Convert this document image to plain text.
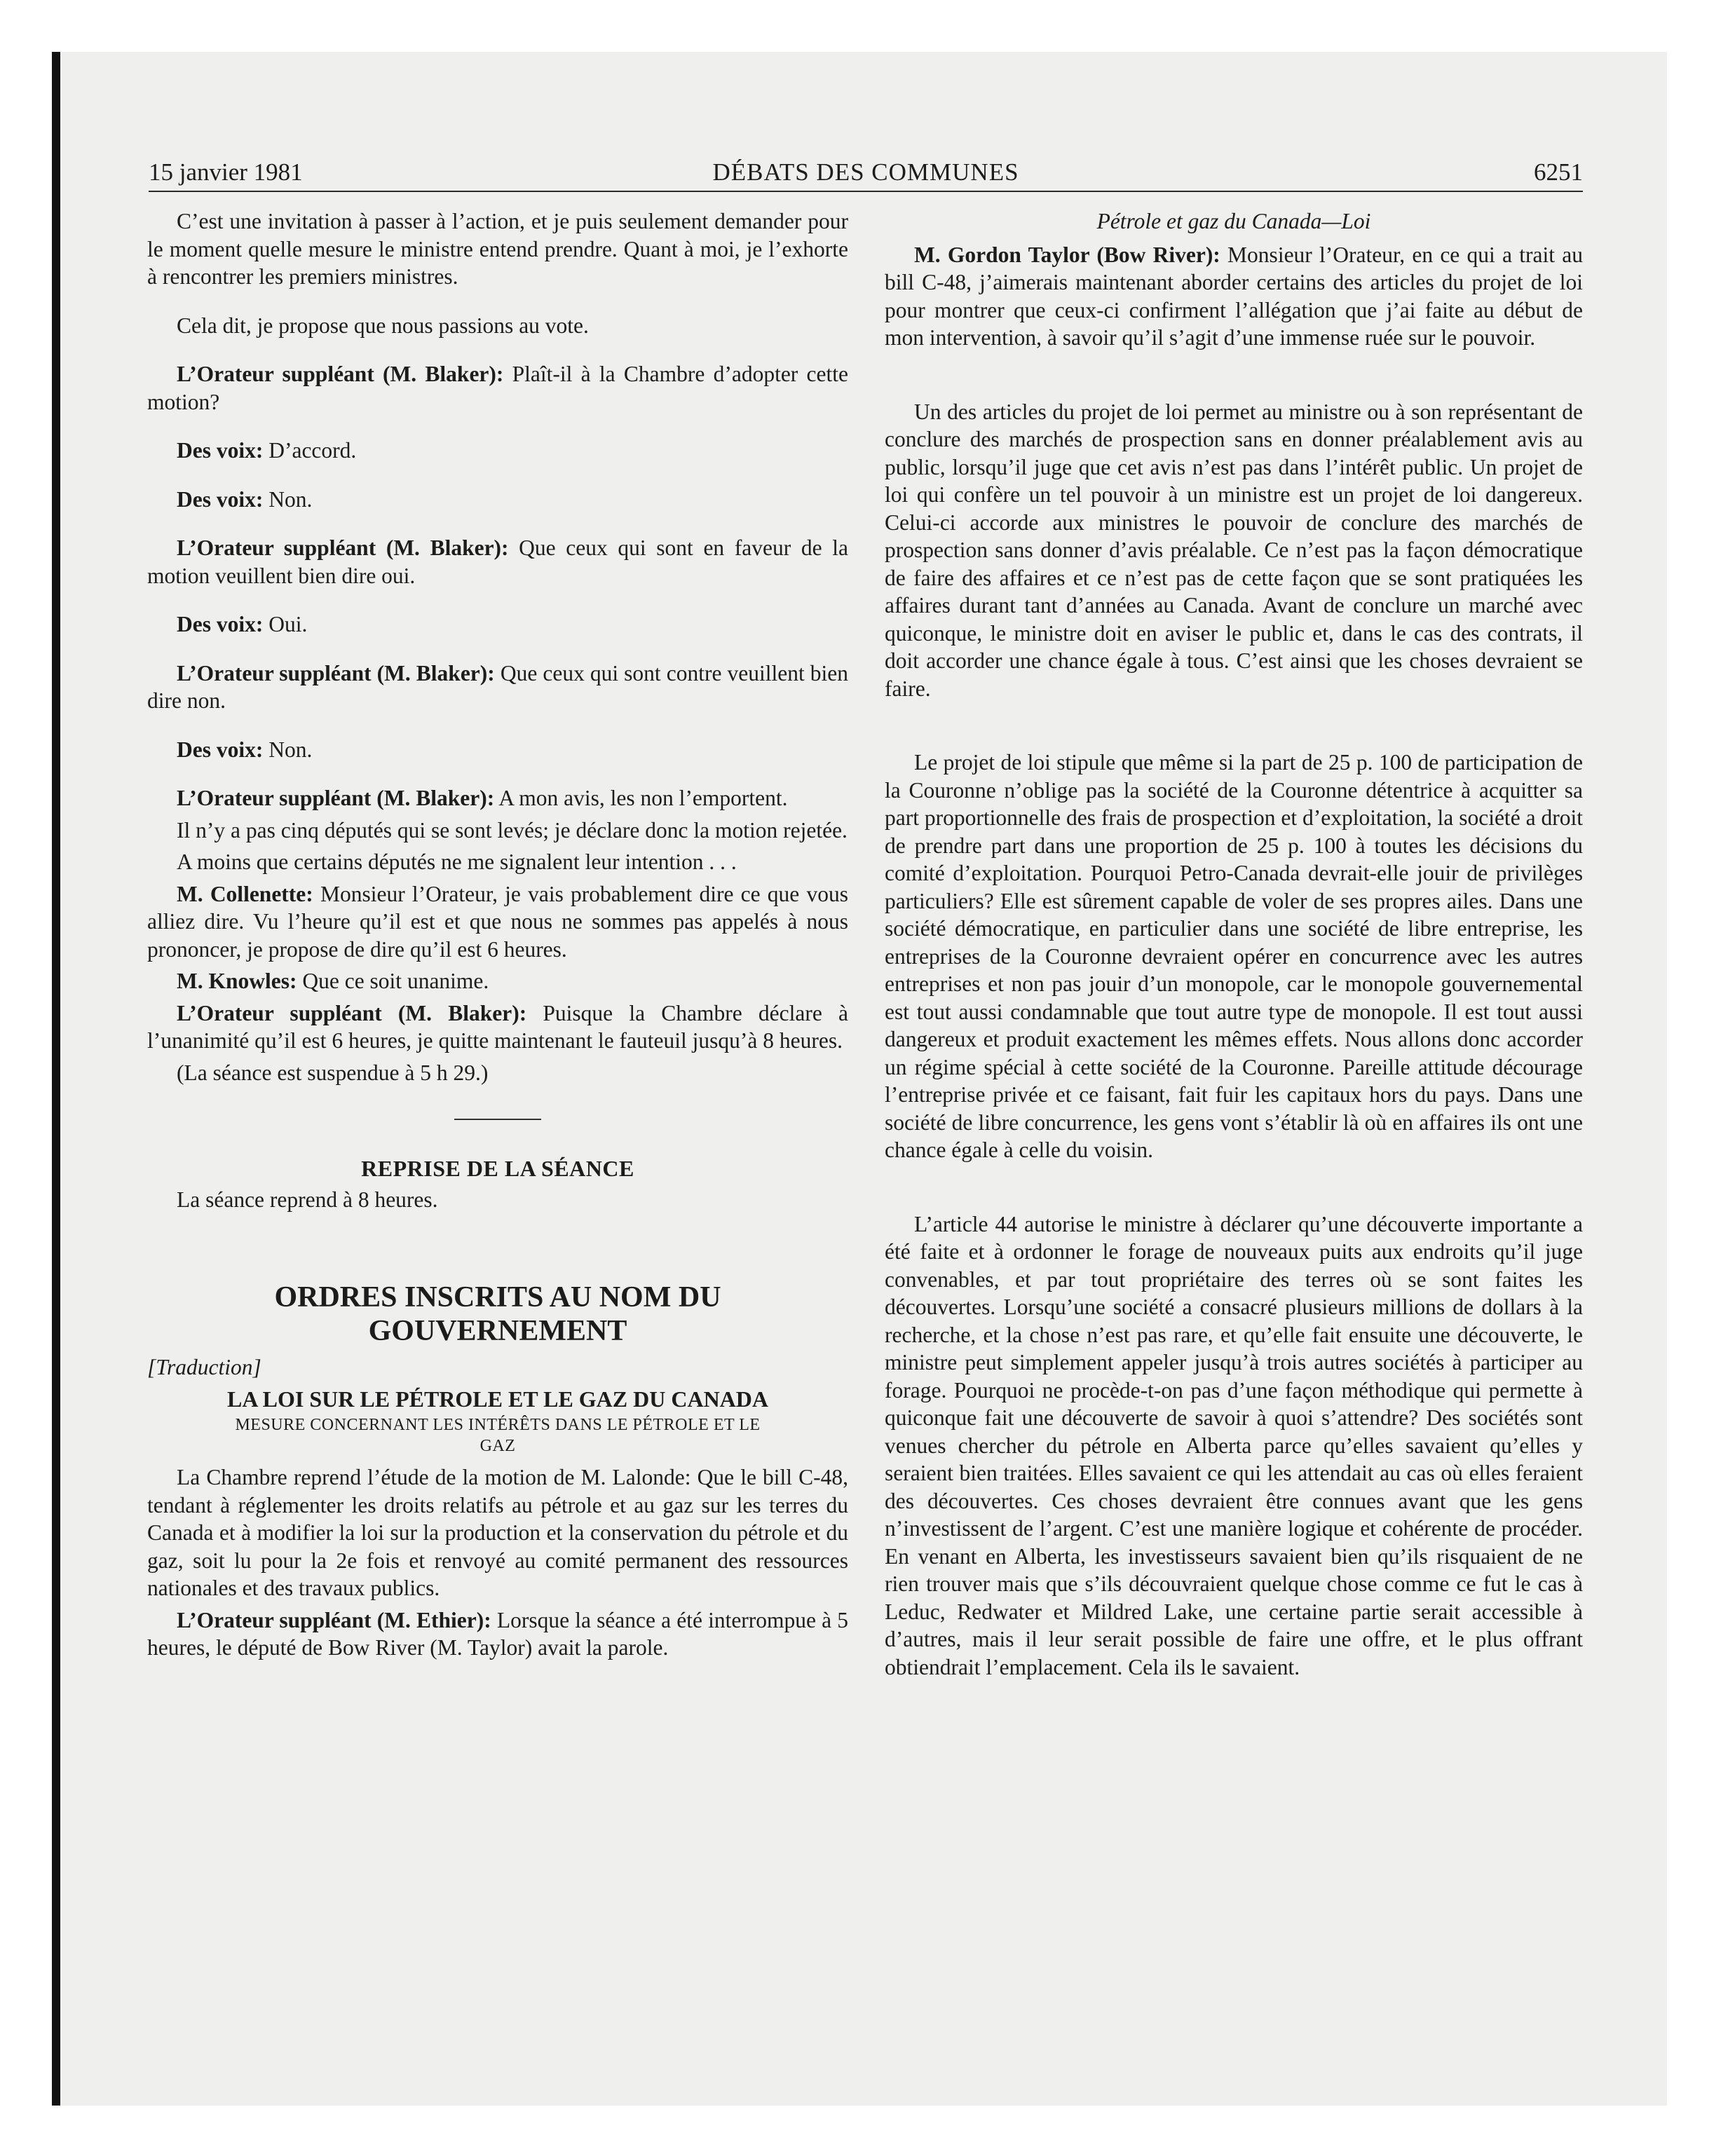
15 janvier 1981	DÉBATS DES COMMUNES	6251

C’est une invitation à passer à l’action, et je puis seulement demander pour le moment quelle mesure le ministre entend prendre. Quant à moi, je l’exhorte à rencontrer les premiers ministres.

Cela dit, je propose que nous passions au vote.

L’Orateur suppléant (M. Blaker): Plaît-il à la Chambre d’adopter cette motion?

Des voix: D’accord.

Des voix: Non.

L’Orateur suppléant (M. Blaker): Que ceux qui sont en faveur de la motion veuillent bien dire oui.

Des voix: Oui.

L’Orateur suppléant (M. Blaker): Que ceux qui sont contre veuillent bien dire non.

Des voix: Non.

L’Orateur suppléant (M. Blaker): A mon avis, les non l’emportent.

Il n’y a pas cinq députés qui se sont levés; je déclare donc la motion rejetée.

A moins que certains députés ne me signalent leur intention . . .

M. Collenette: Monsieur l’Orateur, je vais probablement dire ce que vous alliez dire. Vu l’heure qu’il est et que nous ne sommes pas appelés à nous prononcer, je propose de dire qu’il est 6 heures.

M. Knowles: Que ce soit unanime.

L’Orateur suppléant (M. Blaker): Puisque la Chambre déclare à l’unanimité qu’il est 6 heures, je quitte maintenant le fauteuil jusqu’à 8 heures.

(La séance est suspendue à 5 h 29.)

REPRISE DE LA SÉANCE

La séance reprend à 8 heures.

ORDRES INSCRITS AU NOM DU
GOUVERNEMENT
[Traduction]
LA LOI SUR LE PÉTROLE ET LE GAZ DU CANADA
MESURE CONCERNANT LES INTÉRÊTS DANS LE PÉTROLE ET LE
GAZ

La Chambre reprend l’étude de la motion de M. Lalonde: Que le bill C-48, tendant à réglementer les droits relatifs au pétrole et au gaz sur les terres du Canada et à modifier la loi sur la production et la conservation du pétrole et du gaz, soit lu pour la 2e fois et renvoyé au comité permanent des ressources nationales et des travaux publics.

L’Orateur suppléant (M. Ethier): Lorsque la séance a été interrompue à 5 heures, le député de Bow River (M. Taylor) avait la parole.

Pétrole et gaz du Canada—Loi

M. Gordon Taylor (Bow River): Monsieur l’Orateur, en ce qui a trait au bill C-48, j’aimerais maintenant aborder certains des articles du projet de loi pour montrer que ceux-ci confirment l’allégation que j’ai faite au début de mon intervention, à savoir qu’il s’agit d’une immense ruée sur le pouvoir.

Un des articles du projet de loi permet au ministre ou à son représentant de conclure des marchés de prospection sans en donner préalablement avis au public, lorsqu’il juge que cet avis n’est pas dans l’intérêt public. Un projet de loi qui confère un tel pouvoir à un ministre est un projet de loi dangereux. Celui-ci accorde aux ministres le pouvoir de conclure des marchés de prospection sans donner d’avis préalable. Ce n’est pas la façon démocratique de faire des affaires et ce n’est pas de cette façon que se sont pratiquées les affaires durant tant d’années au Canada. Avant de conclure un marché avec quiconque, le ministre doit en aviser le public et, dans le cas des contrats, il doit accorder une chance égale à tous. C’est ainsi que les choses devraient se faire.

Le projet de loi stipule que même si la part de 25 p. 100 de participation de la Couronne n’oblige pas la société de la Couronne détentrice à acquitter sa part proportionnelle des frais de prospection et d’exploitation, la société a droit de prendre part dans une proportion de 25 p. 100 à toutes les décisions du comité d’exploitation. Pourquoi Petro-Canada devrait-elle jouir de privilèges particuliers? Elle est sûrement capable de voler de ses propres ailes. Dans une société démocratique, en particulier dans une société de libre entreprise, les entreprises de la Couronne devraient opérer en concurrence avec les autres entreprises et non pas jouir d’un monopole, car le monopole gouvernemental est tout aussi condamnable que tout autre type de monopole. Il est tout aussi dangereux et produit exactement les mêmes effets. Nous allons donc accorder un régime spécial à cette société de la Couronne. Pareille attitude décourage l’entreprise privée et ce faisant, fait fuir les capitaux hors du pays. Dans une société de libre concurrence, les gens vont s’établir là où en affaires ils ont une chance égale à celle du voisin.

L’article 44 autorise le ministre à déclarer qu’une découverte importante a été faite et à ordonner le forage de nouveaux puits aux endroits qu’il juge convenables, et par tout propriétaire des terres où se sont faites les découvertes. Lorsqu’une société a consacré plusieurs millions de dollars à la recherche, et la chose n’est pas rare, et qu’elle fait ensuite une découverte, le ministre peut simplement appeler jusqu’à trois autres sociétés à participer au forage. Pourquoi ne procède-t-on pas d’une façon méthodique qui permette à quiconque fait une découverte de savoir à quoi s’attendre? Des sociétés sont venues chercher du pétrole en Alberta parce qu’elles savaient qu’elles y seraient bien traitées. Elles savaient ce qui les attendait au cas où elles feraient des découvertes. Ces choses devraient être connues avant que les gens n’investissent de l’argent. C’est une manière logique et cohérente de procéder. En venant en Alberta, les investisseurs savaient bien qu’ils risquaient de ne rien trouver mais que s’ils découvraient quelque chose comme ce fut le cas à Leduc, Redwater et Mildred Lake, une certaine partie serait accessible à d’autres, mais il leur serait possible de faire une offre, et le plus offrant obtiendrait l’emplacement. Cela ils le savaient.
